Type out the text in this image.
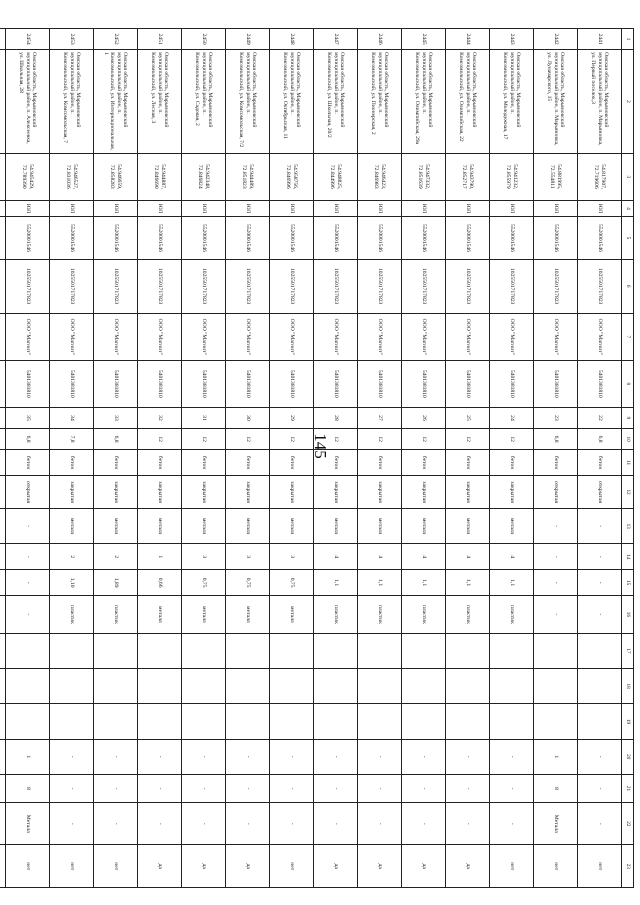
145
1	2	3	4	5	6	7	8	9	10	11	12	13	14	15	16	17	18	19	20	21	22	23
2441	Омская область, Марьяновский муниципальный район, п. Марьяновка, ул. Первый поселок,3	54.817907, 72.719606	ЮЛ	5520001546	1025501717823	ООО "Магнит"	5401381810	22	6,8	бетон	открытая	-	-	-	-				-	-	-	нет
2442	Омская область, Марьяновский муниципальный район, п. Марьяновка, ул. Луначарского, 15	54.881995, 72.554811	ЮЛ	5520001546	1025501717823	ООО "Магнит"	5401381810	23	6,8	бетон	открытая	-	-	-	-				1	8	Металл	нет
2443	Омская область, Марьяновский муниципальный район, п. Комсомольский, ул. Молодежная, 17	54.941232, 72.855979	ЮЛ	5520001546	1025501717823	ООО "Магнит"	5401381810	24	12	бетон	закрытая	металл	4	1,1	пластик				-	-	-	нет
2444	Омская область, Марьяновский муниципальный район, п. Комсомольский, ул. Олимпийская, 22	54.943790, 72.852717	ЮЛ	5520001546	1025501717823	ООО "Магнит"	5401381810	25	12	бетон	закрытая	металл	4	1,1	пластик				-	-	-	да
2445	Омская область, Марьяновский муниципальный район, п. Комсомольский, ул. Олимпийская, 29а	54.947332, 72.851639	ЮЛ	5520001546	1025501717823	ООО "Магнит"	5401381810	26	12	бетон	закрытая	металл	4	1,1	пластик				-	-	-	да
2446	Омская область, Марьяновский муниципальный район, п. Комсомольский, ул. Пионерская, 2	54.946423, 72.846983	ЮЛ	5520001546	1025501717823	ООО "Магнит"	5401381810	27	12	бетон	закрытая	металл	4	1,1	пластик				-	-	-	да
2447	Омская область, Марьяновский муниципальный район, п. Комсомольский, ул. Школьная, 20/2	54.948825, 72.844996	ЮЛ	5520001546	1025501717823	ООО "Магнит"	5401381810	28	12	бетон	закрытая	металл	4	1,1	пластик				-	-	-	да
2448	Омская область, Марьяновский муниципальный район, п. Комсомольский, ул. Октябрьская, 11	54.958756, 72.846996	ЮЛ	5520001546	1025501717823	ООО "Магнит"	5401381810	29	12	бетон	закрытая	металл	3	0,75	металл				-	-	-	нет
2449	Омская область, Марьяновский муниципальный район, п. Комсомольский, ул. Комсомольская, 7/2	54.944489, 72.851823	ЮЛ	5520001546	1025501717823	ООО "Магнит"	5401381810	30	12	бетон	закрытая	металл	3	0,75	металл				-	-	-	да
2450	Омская область, Марьяновский муниципальный район, п. Комсомольский, ул. Садовая, 2	54.942348, 72.846824	ЮЛ	5520001546	1025501717823	ООО "Магнит"	5401381810	31	12	бетон	закрытая	металл	3	0,75	металл				-	-	-	да
2451	Омская область, Марьяновский муниципальный район, п. Комсомольский, ул. Лесная, 3	54.944887, 72.846690	ЮЛ	5520001546	1025501717823	ООО "Магнит"	5401381810	32	12	бетон	закрытая	металл	1	0,66	металл				-	-	-	да
2452	Омская область, Марьяновский муниципальный район, п. Комсомольский, ул. Интернациональная, 1	54.946659, 72.858283	ЮЛ	5520001546	1025501717823	ООО "Магнит"	5401381810	33	6,8	бетон	закрытая	металл	2	1,89	пластик				-	-	-	нет
2453	Омская область, Марьяновский муниципальный район, п. Комсомольский, ул. Комсомольская, 7	54.946527, 72.831036	ЮЛ	5520001546	1025501717823	ООО "Магнит"	5401381810	34	7,8	бетон	закрытая	металл	2	1,10	пластик				-	-	-	нет
2454	Омская область, Марьяновский муниципальный район, п. Алексеевка, ул. Школьная, 28	54.945429, 72.789390	ЮЛ	5520001546	1025501717823	ООО "Магнит"	5401381810	35	6,8	бетон	открытая	-	-	-	-				1	8	Металл	нет
